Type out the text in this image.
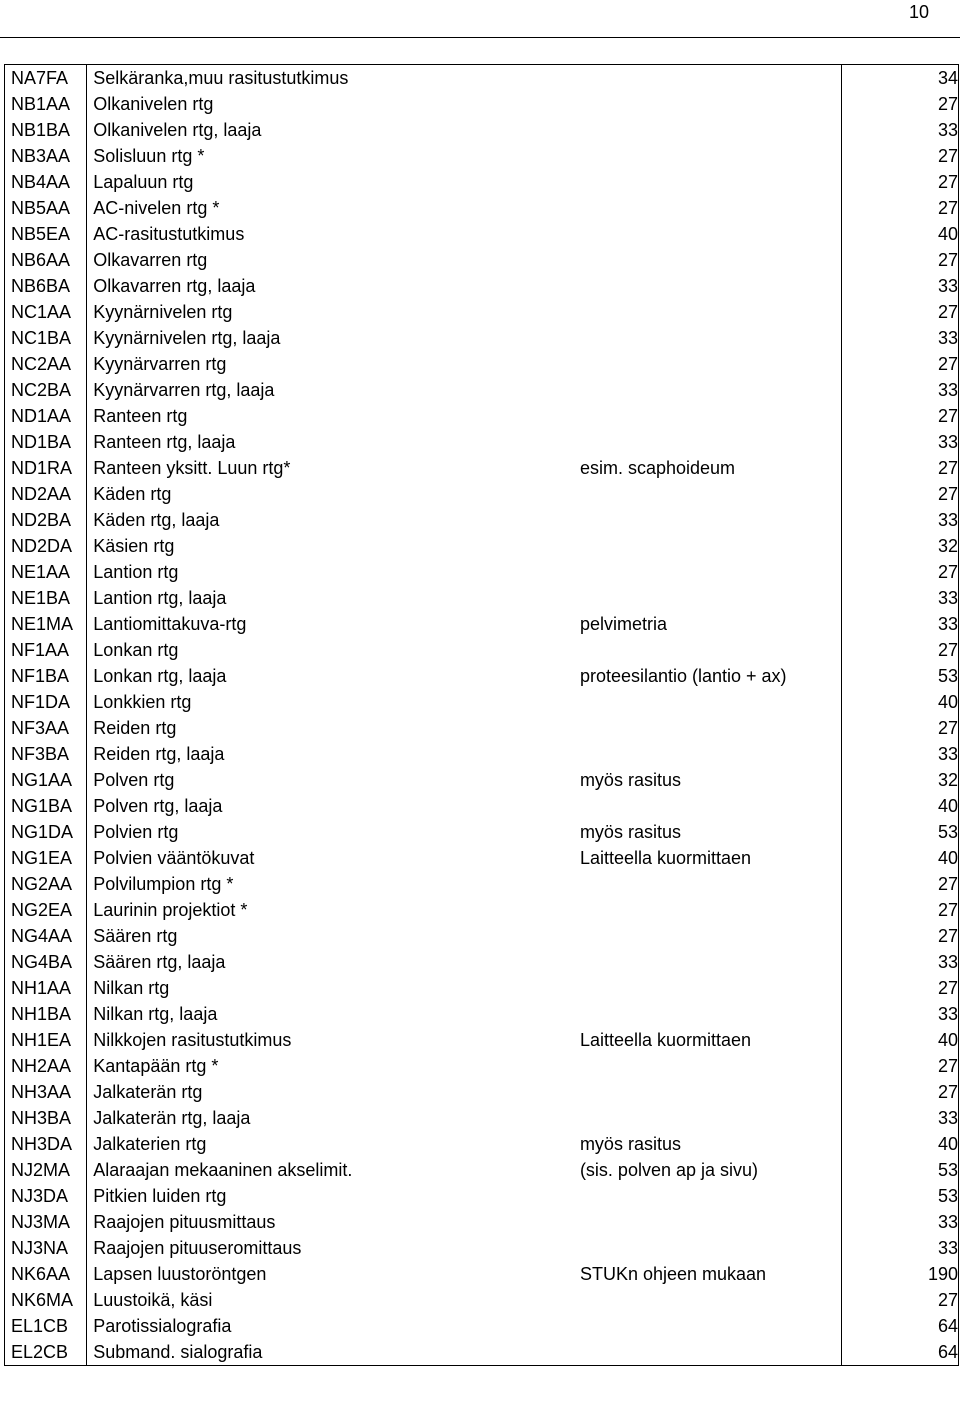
10
NA7FA	Selkäranka,muu rasitustutkimus		34
NB1AA	Olkanivelen rtg		27
NB1BA	Olkanivelen rtg, laaja		33
NB3AA	Solisluun rtg *		27
NB4AA	Lapaluun rtg		27
NB5AA	AC-nivelen rtg *		27
NB5EA	AC-rasitustutkimus		40
NB6AA	Olkavarren rtg		27
NB6BA	Olkavarren rtg, laaja		33
NC1AA	Kyynärnivelen rtg		27
NC1BA	Kyynärnivelen rtg, laaja		33
NC2AA	Kyynärvarren rtg		27
NC2BA	Kyynärvarren rtg, laaja		33
ND1AA	Ranteen rtg		27
ND1BA	Ranteen rtg, laaja		33
ND1RA	Ranteen yksitt. Luun rtg*	esim. scaphoideum	27
ND2AA	Käden rtg		27
ND2BA	Käden rtg, laaja		33
ND2DA	Käsien rtg		32
NE1AA	Lantion rtg		27
NE1BA	Lantion rtg, laaja		33
NE1MA	Lantiomittakuva-rtg	pelvimetria	33
NF1AA	Lonkan rtg		27
NF1BA	Lonkan rtg, laaja	proteesilantio (lantio + ax)	53
NF1DA	Lonkkien rtg		40
NF3AA	Reiden rtg		27
NF3BA	Reiden rtg, laaja		33
NG1AA	Polven rtg	myös rasitus	32
NG1BA	Polven rtg, laaja		40
NG1DA	Polvien rtg	myös rasitus	53
NG1EA	Polvien vääntökuvat	Laitteella kuormittaen	40
NG2AA	Polvilumpion rtg *		27
NG2EA	Laurinin projektiot *		27
NG4AA	Säären rtg		27
NG4BA	Säären rtg, laaja		33
NH1AA	Nilkan rtg		27
NH1BA	Nilkan rtg, laaja		33
NH1EA	Nilkkojen rasitustutkimus	Laitteella kuormittaen	40
NH2AA	Kantapään rtg *		27
NH3AA	Jalkaterän rtg		27
NH3BA	Jalkaterän rtg, laaja		33
NH3DA	Jalkaterien rtg	myös rasitus	40
NJ2MA	Alaraajan mekaaninen akselimit.	(sis. polven ap ja sivu)	53
NJ3DA	Pitkien luiden rtg		53
NJ3MA	Raajojen pituusmittaus		33
NJ3NA	Raajojen pituuseromittaus		33
NK6AA	Lapsen luustoröntgen	STUKn ohjeen mukaan	190
NK6MA	Luustoikä, käsi		27
EL1CB	Parotissialografia		64
EL2CB	Submand. sialografia		64
